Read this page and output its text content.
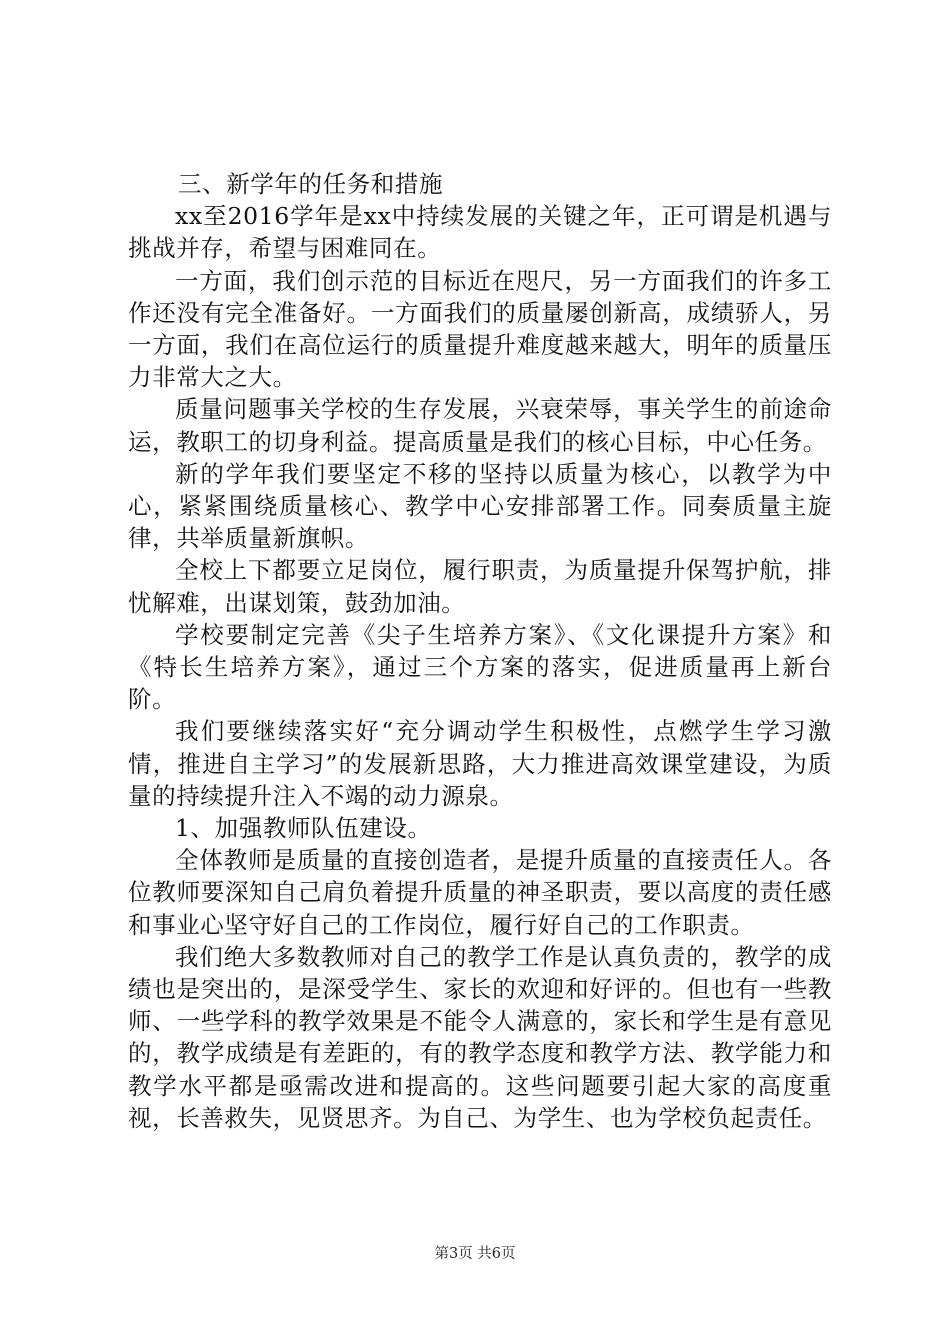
三、新学年的任务和措施

xx至2016学年是xx中持续发展的关键之年，正可谓是机遇与挑战并存，希望与困难同在。

一方面，我们创示范的目标近在咫尺，另一方面我们的许多工作还没有完全准备好。一方面我们的质量屡创新高，成绩骄人，另一方面，我们在高位运行的质量提升难度越来越大，明年的质量压力非常大之大。

质量问题事关学校的生存发展，兴衰荣辱，事关学生的前途命运，教职工的切身利益。提高质量是我们的核心目标，中心任务。

新的学年我们要坚定不移的坚持以质量为核心，以教学为中心，紧紧围绕质量核心、教学中心安排部署工作。同奏质量主旋律，共举质量新旗帜。

全校上下都要立足岗位，履行职责，为质量提升保驾护航，排忧解难，出谋划策，鼓劲加油。

学校要制定完善《尖子生培养方案》、《文化课提升方案》和《特长生培养方案》，通过三个方案的落实，促进质量再上新台阶。

我们要继续落实好“充分调动学生积极性，点燃学生学习激情，推进自主学习”的发展新思路，大力推进高效课堂建设，为质量的持续提升注入不竭的动力源泉。

1、加强教师队伍建设。

全体教师是质量的直接创造者，是提升质量的直接责任人。各位教师要深知自己肩负着提升质量的神圣职责，要以高度的责任感和事业心坚守好自己的工作岗位，履行好自己的工作职责。

我们绝大多数教师对自己的教学工作是认真负责的，教学的成绩也是突出的，是深受学生、家长的欢迎和好评的。但也有一些教师、一些学科的教学效果是不能令人满意的，家长和学生是有意见的，教学成绩是有差距的，有的教学态度和教学方法、教学能力和教学水平都是亟需改进和提高的。这些问题要引起大家的高度重视，长善救失，见贤思齐。为自己、为学生、也为学校负起责任。

第3页 共6页
